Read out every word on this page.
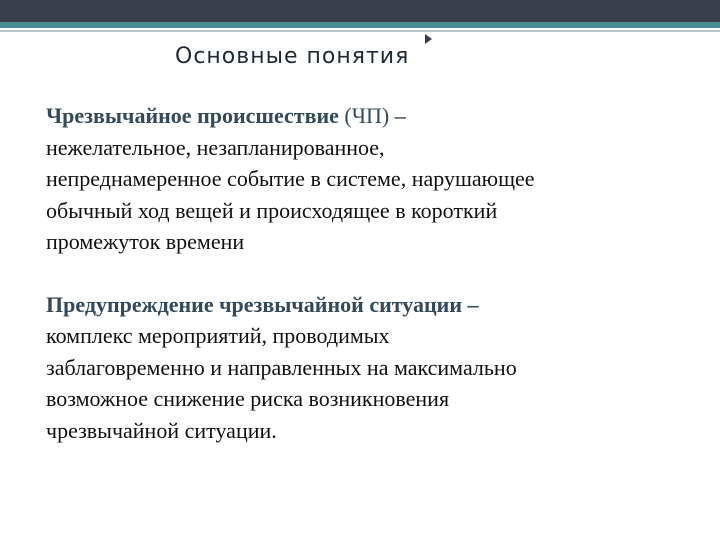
Основные понятия

Чрезвычайное происшествие (ЧП) –

нежелательное, незапланированное,

непреднамеренное событие в системе, нарушающее

обычный ход вещей и происходящее в короткий

промежуток времени

Предупреждение чрезвычайной ситуации –

комплекс мероприятий, проводимых

заблаговременно и направленных на максимально

возможное снижение риска возникновения

чрезвычайной ситуации.
